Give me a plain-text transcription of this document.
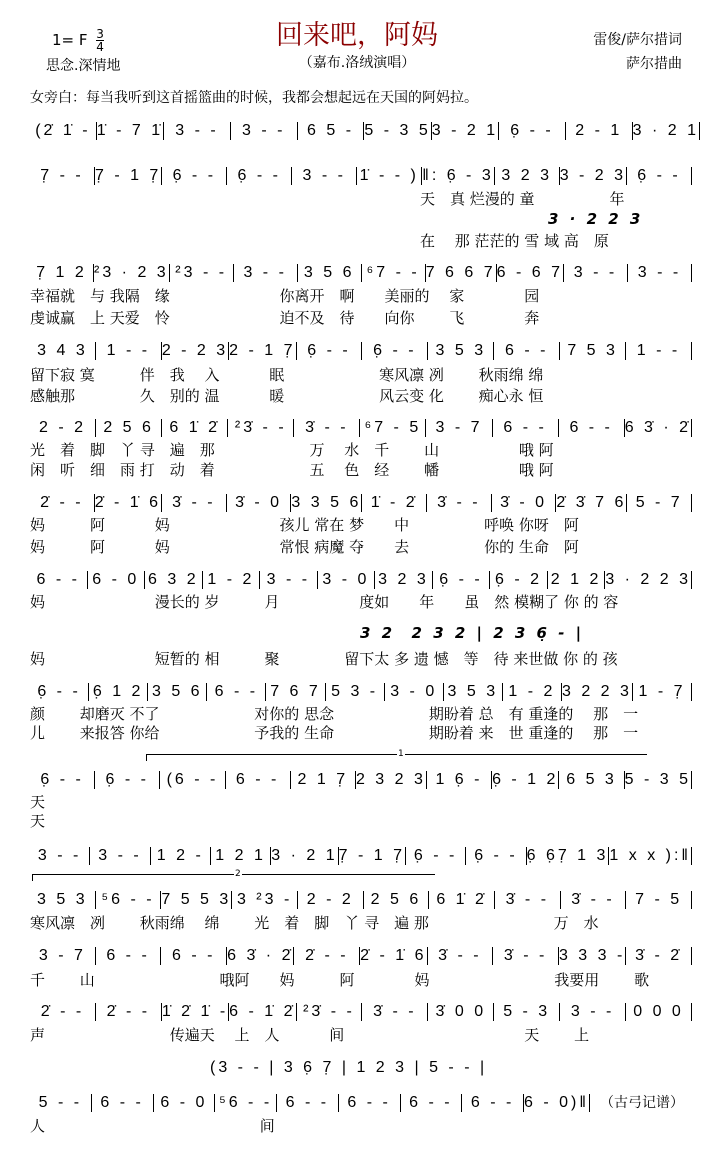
回来吧，阿妈
（嘉布.洛绒演唱）
1= F $\frac{3}{4}$
思念.深情地
雷俊/萨尔措词
萨尔措曲
女旁白：每当我听到这首摇篮曲的时候，我都会想起远在天国的阿妈拉。
(2̇ 1̇ - 1̇ - 7 1̇ 3 - -	3 - -	6 5 - 5 - 3 5 3 - 2 1 6̣ - -	2 - 1 3 · 2 1
7̣ - - 7̣ - 1 7̣ 6̣ - -	6̣ - -	3 - - 1̇ - - ) ‖: 6̣ - 3 3 2 3 3 - 2 3 6̣ - -
7̣ 1 2 ²3 · 2 3 ²3 - -	3 - -	3 5 6 ⁶7 - - 7 6 6 7 6 - 6 7 3 - -	3 - -
3 4 3	1 - - 2 - 2 3 2 - 1 7̣ 6̣ - -	6̣ - -	3 5 3	6 - -	7 5 3	1 - -
2 - 2	2 5 6 6 1̇ 2̇ ²3̇ - -	3̇ - -	⁶7 - 5 3 - 7	6 - -	6 - - 6 3̇ · 2̇
2̇ - - 2̇ - 1̇ 6 3̇ - -	3̇ - 0 3 3 5 6 1̇ - 2̇	3̇ - -	3̇ - 0 2̇ 3̇ 7 6 5 - 7
6 - - 6 - 0 6 3 2 1 - 2 3 - - 3 - 0 3 2 3 6̣ - - 6̣ - 2 2 1 2 3 · 2 2 3
6̣ - - 6̣ 1 2 3 5 6 6 - - 7 6 7 5 3 - 3 - 0 3 5 3 1 - 2 3 2 2 3 1 - 7̣
6̣ - -	6̣ - -	(6 - -	6 - -	2 1 7̣ 2 3 2 3 1 6̣ - 6̣ - 1 2 6 5 3 5 - 3 5
3 - -	3 - - 1 2 - 1 2 1 3 · 2 1 7̣ - 1 7̣ 6̣ - -	6̣ - - 6̣ 6̣7̣ 1 3 1 x x ):‖
3 5 3 ⁵6 - - 7 5 5 3 3 ²3 - 2 - 2	2 5 6 6 1̇ 2̇	3̇ - -	3̇ - -	7 - 5
3 - 7	6 - -	6 - - 6 3̇ · 2̇ 2̇ - - 2̇ - 1̇ 6 3̇ - -	3̇ - - 3 3 3 - 3̇ - 2̇
2̇ - -	2̇ - - 1̇ 2̇ 1̇ - 6 - 1̇ 2̇ ²3̇ - -	3̇ - -	3̇ 0 0	5 - 3	3 - -	0 0 0
5 - -	6 - -	6 - 0 ⁵6 - - 6 - -	6 - -	6 - -	6 - - 6 - 0)‖
　　　　　　　　　　　　　　　　　　　　　　　　　　天　真 烂漫的 童　　　　　年
3 · 2 2 3
　　　　　　　　　　　　　　　　　　　　　　　　　　在　 那 茫茫的 雪 域 高　原
幸福就　与 我隔　缘　　　　　　　 你离开　啊　　美丽的　 家　　　　园
虔诚赢　上 天爱　怜　　　　　　　 迫不及　待　　向你　　 飞　　　　奔
留下寂 寞　　　伴　我　 入　　　 眠　　　　　　 寒风凛 冽　　 秋雨绵 绵
感触那　　　　 久　别的 温　　　 暖　　　　　　 风云变 化　　 痴心永 恒
光　着　脚　丫 寻　遍　那　　　　　　 万　 水　千　　 山　　　　　 哦 阿
闲　听　细　雨 打　动　着　　　　　　 五　 色　经　　 幡　　　　　 哦 阿
妈　　　阿　　　 妈　　　　　　　 孩儿 常在 梦　　中　　　　　呼唤 你呀　阿
妈　　　阿　　　 妈　　　　　　　 常恨 病魔 夺　　去　　　　　你的 生命　阿
妈　　　　　　　 漫长的 岁　　　月　　　　　 度如　　年　　虽　然 模糊了 你 的 容
3 2  2 3 2 | 2 3 6̣ - |
妈　　　　　　　 短暂的 相　　　聚　　　　 留下太 多 遗 憾　等　待 来世做 你 的 孩
颜　　 却磨灭 不了　　　　　　 对你的 思念　　　　　　 期盼着 总　有 重逢的　 那　一
儿　　 来报答 你给　　　　　　 予我的 生命　　　　　　 期盼着 来　世 重逢的　 那　一
1
天
天
2
寒风凛　冽　　 秋雨绵　 绵　　 光　着　脚　丫 寻　遍 那　　　　　　　　 万　水
千　　 山　　　　　　　　 哦阿　　妈　　　阿　　　　妈　　　　　　　　 我要用　　 歌
声　　　　　　　　 传遍天　 上　人　　　 间　　　　　　　　　　　　天　　 上
(3 - - | 3 6̣ 7̣ | 1 2 3 | 5 - - |
人　　　　　　　　　　　　　　 间
（古弓记谱）
